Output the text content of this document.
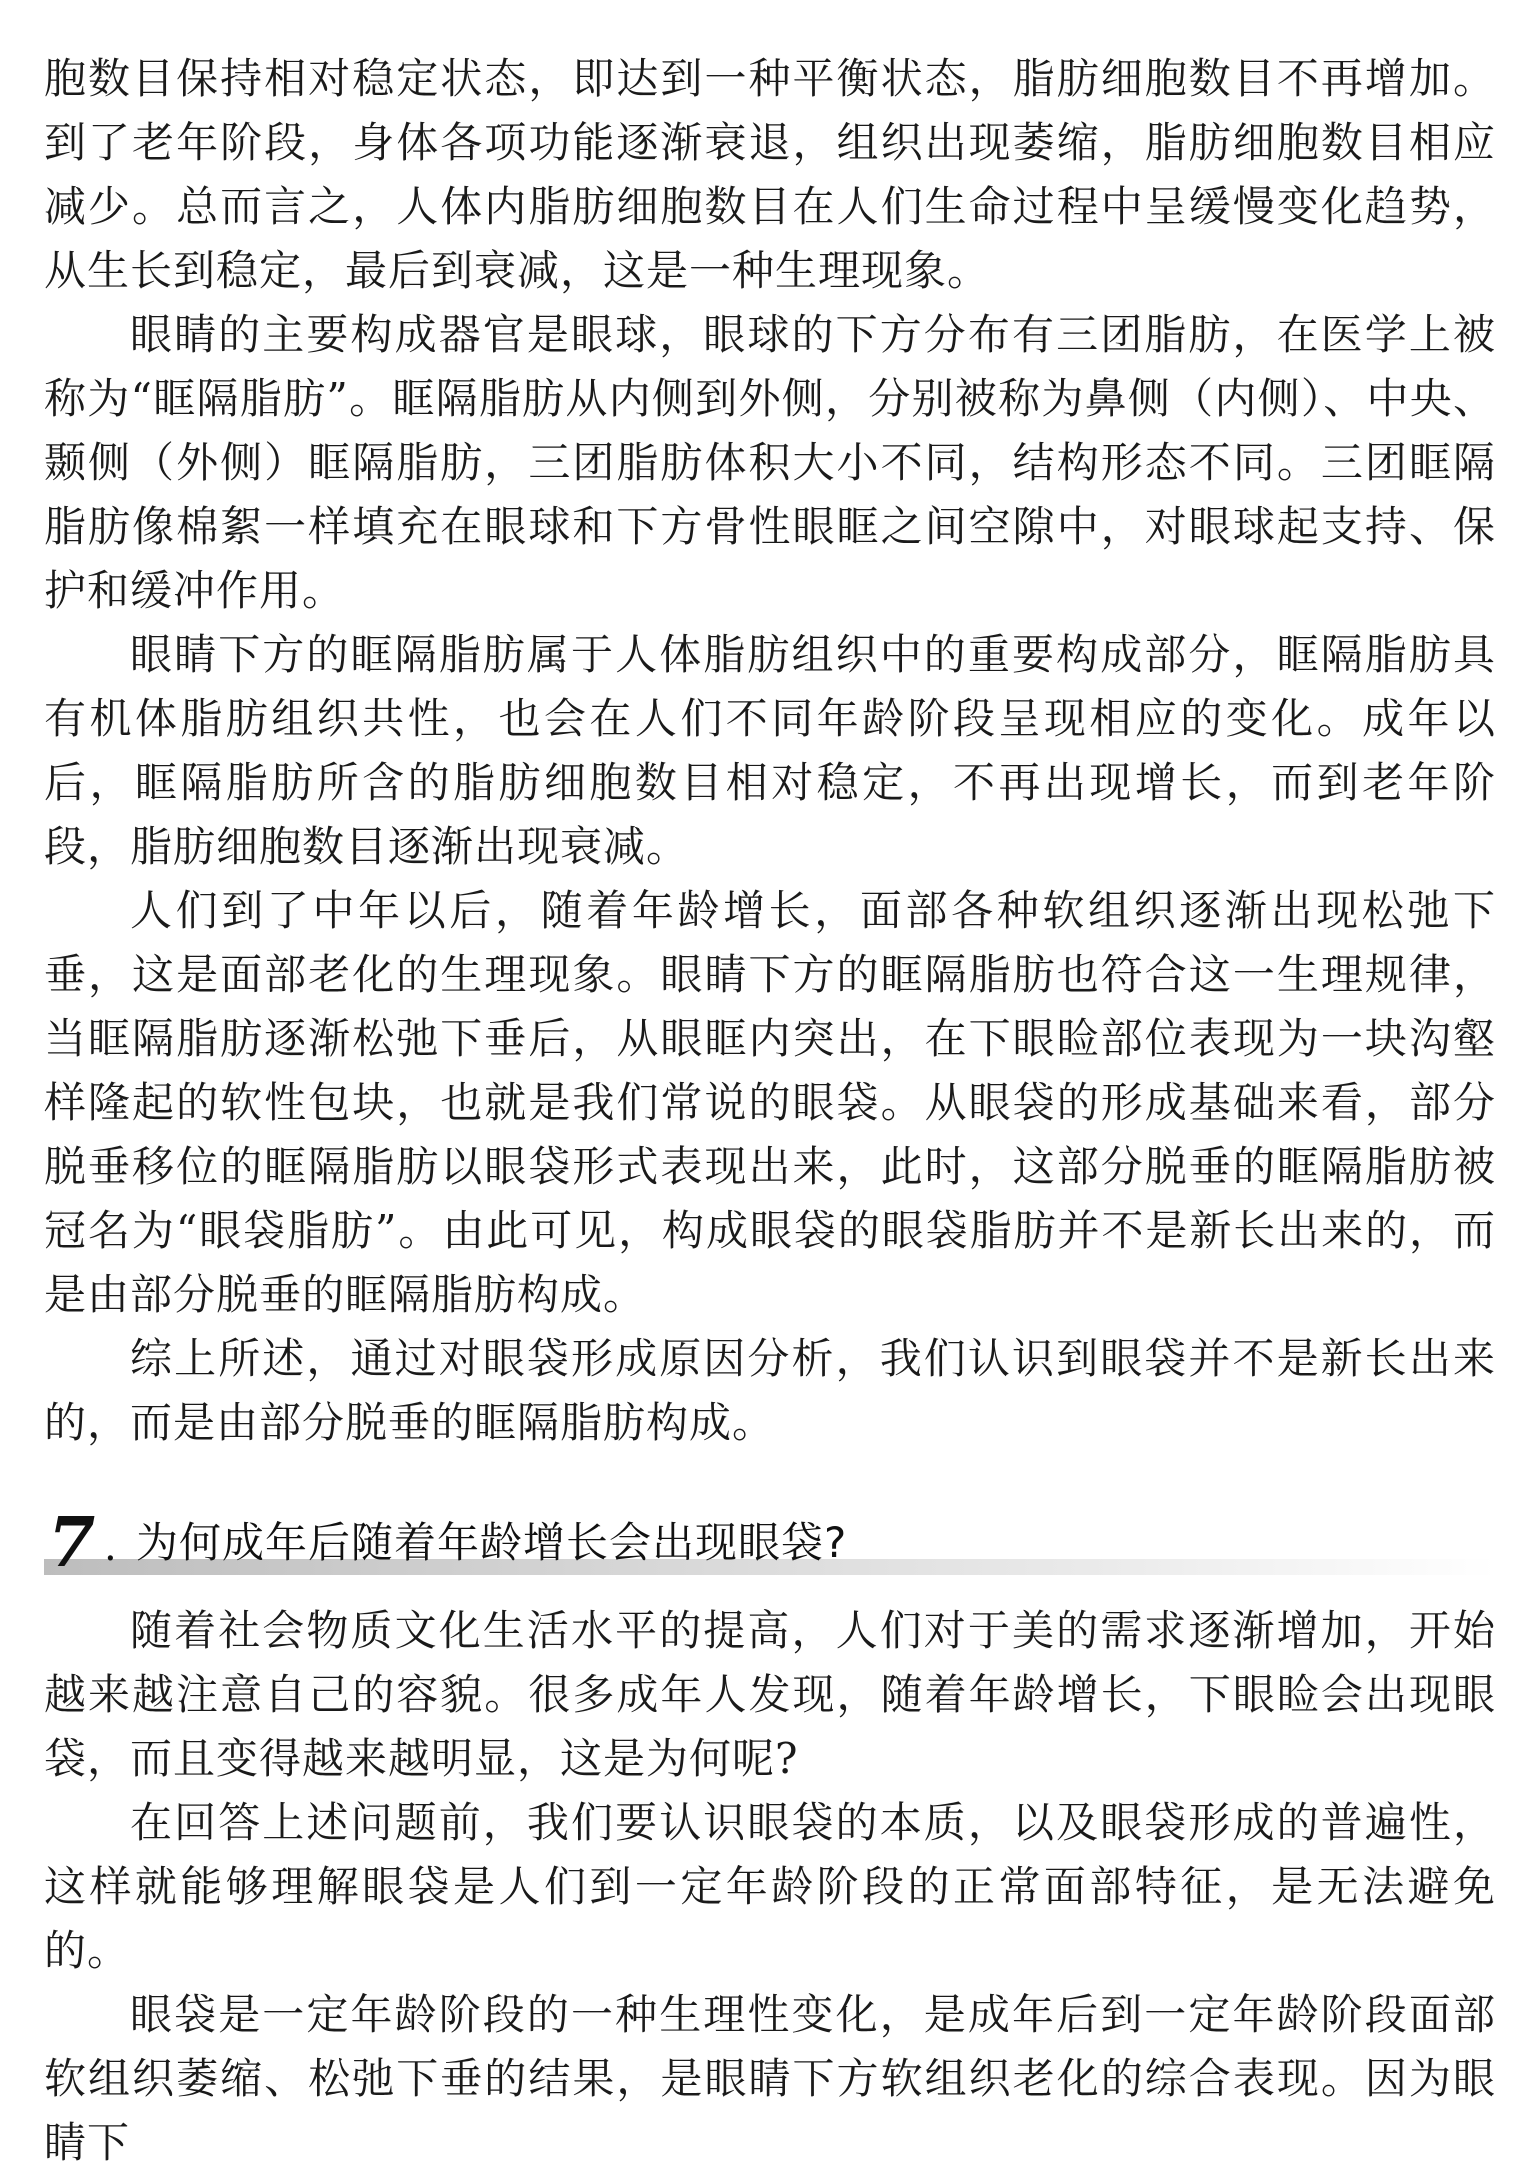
胞数目保持相对稳定状态，即达到一种平衡状态，脂肪细胞数目不再增加。到了老年阶段，身体各项功能逐渐衰退，组织出现萎缩，脂肪细胞数目相应减少。总而言之，人体内脂肪细胞数目在人们生命过程中呈缓慢变化趋势，从生长到稳定，最后到衰减，这是一种生理现象。

眼睛的主要构成器官是眼球，眼球的下方分布有三团脂肪，在医学上被称为“眶隔脂肪”。眶隔脂肪从内侧到外侧，分别被称为鼻侧（内侧）、中央、颞侧（外侧）眶隔脂肪，三团脂肪体积大小不同，结构形态不同。三团眶隔脂肪像棉絮一样填充在眼球和下方骨性眼眶之间空隙中，对眼球起支持、保护和缓冲作用。

眼睛下方的眶隔脂肪属于人体脂肪组织中的重要构成部分，眶隔脂肪具有机体脂肪组织共性，也会在人们不同年龄阶段呈现相应的变化。成年以后，眶隔脂肪所含的脂肪细胞数目相对稳定，不再出现增长，而到老年阶段，脂肪细胞数目逐渐出现衰减。

人们到了中年以后，随着年龄增长，面部各种软组织逐渐出现松弛下垂，这是面部老化的生理现象。眼睛下方的眶隔脂肪也符合这一生理规律，当眶隔脂肪逐渐松弛下垂后，从眼眶内突出，在下眼睑部位表现为一块沟壑样隆起的软性包块，也就是我们常说的眼袋。从眼袋的形成基础来看，部分脱垂移位的眶隔脂肪以眼袋形式表现出来，此时，这部分脱垂的眶隔脂肪被冠名为“眼袋脂肪”。由此可见，构成眼袋的眼袋脂肪并不是新长出来的，而是由部分脱垂的眶隔脂肪构成。

综上所述，通过对眼袋形成原因分析，我们认识到眼袋并不是新长出来的，而是由部分脱垂的眶隔脂肪构成。

7 . 为何成年后随着年龄增长会出现眼袋?

随着社会物质文化生活水平的提高，人们对于美的需求逐渐增加，开始越来越注意自己的容貌。很多成年人发现，随着年龄增长，下眼睑会出现眼袋，而且变得越来越明显，这是为何呢?

在回答上述问题前，我们要认识眼袋的本质，以及眼袋形成的普遍性，这样就能够理解眼袋是人们到一定年龄阶段的正常面部特征，是无法避免的。

眼袋是一定年龄阶段的一种生理性变化，是成年后到一定年龄阶段面部软组织萎缩、松弛下垂的结果，是眼睛下方软组织老化的综合表现。因为眼睛下
